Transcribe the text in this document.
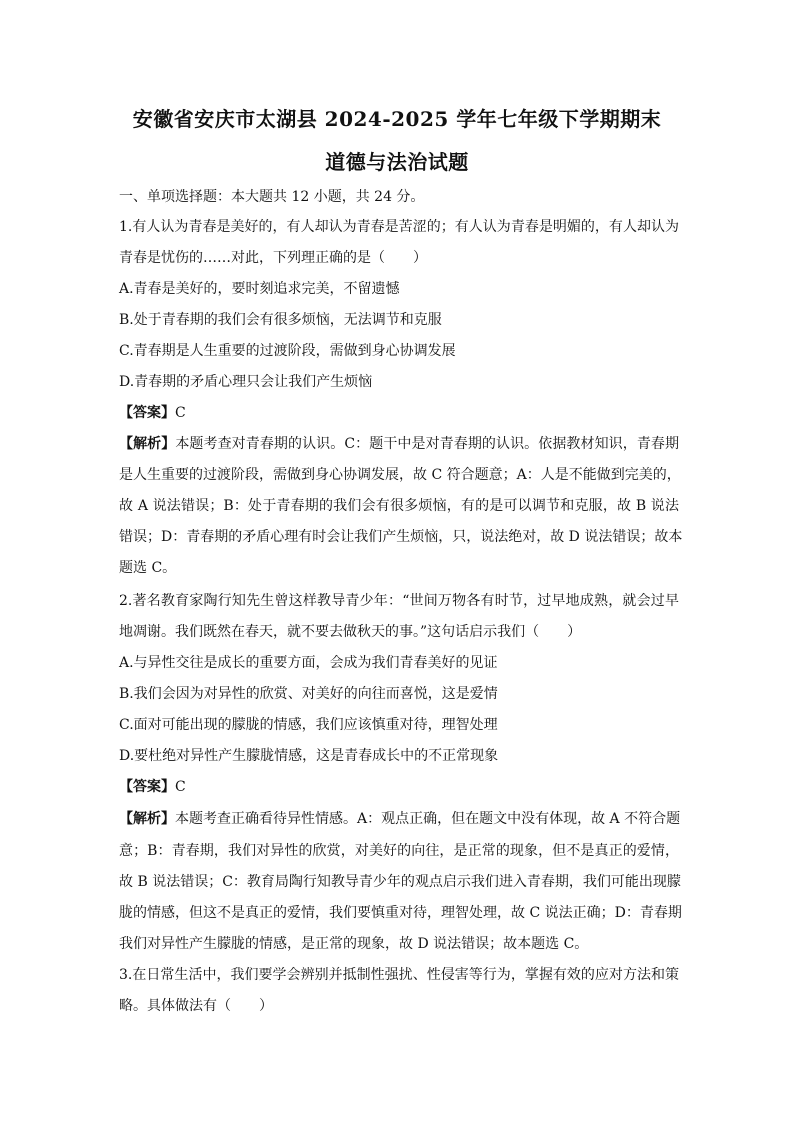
安徽省安庆市太湖县 2024-2025 学年七年级下学期期末
道德与法治试题
一、单项选择题：本大题共 12 小题，共 24 分。
1.有人认为青春是美好的，有人却认为青春是苦涩的；有人认为青春是明媚的，有人却认为
青春是忧伤的……对此，下列理正确的是（　　）
A.青春是美好的，要时刻追求完美，不留遗憾
B.处于青春期的我们会有很多烦恼，无法调节和克服
C.青春期是人生重要的过渡阶段，需做到身心协调发展
D.青春期的矛盾心理只会让我们产生烦恼
【答案】C
【解析】本题考查对青春期的认识。C：题干中是对青春期的认识。依据教材知识，青春期
是人生重要的过渡阶段，需做到身心协调发展，故 C 符合题意；A：人是不能做到完美的，
故 A 说法错误；B：处于青春期的我们会有很多烦恼，有的是可以调节和克服，故 B 说法
错误；D：青春期的矛盾心理有时会让我们产生烦恼，只，说法绝对，故 D 说法错误；故本
题选 C。
2.著名教育家陶行知先生曾这样教导青少年：“世间万物各有时节，过早地成熟，就会过早
地凋谢。我们既然在春天，就不要去做秋天的事。”这句话启示我们（　　）
A.与异性交往是成长的重要方面，会成为我们青春美好的见证
B.我们会因为对异性的欣赏、对美好的向往而喜悦，这是爱情
C.面对可能出现的朦胧的情感，我们应该慎重对待，理智处理
D.要杜绝对异性产生朦胧情感，这是青春成长中的不正常现象
【答案】C
【解析】本题考查正确看待异性情感。A：观点正确，但在题文中没有体现，故 A 不符合题
意；B：青春期，我们对异性的欣赏，对美好的向往，是正常的现象，但不是真正的爱情，
故 B 说法错误；C：教育局陶行知教导青少年的观点启示我们进入青春期，我们可能出现朦
胧的情感，但这不是真正的爱情，我们要慎重对待，理智处理，故 C 说法正确；D：青春期
我们对异性产生朦胧的情感，是正常的现象，故 D 说法错误；故本题选 C。
3.在日常生活中，我们要学会辨别并抵制性强扰、性侵害等行为，掌握有效的应对方法和策
略。具体做法有（　　）
